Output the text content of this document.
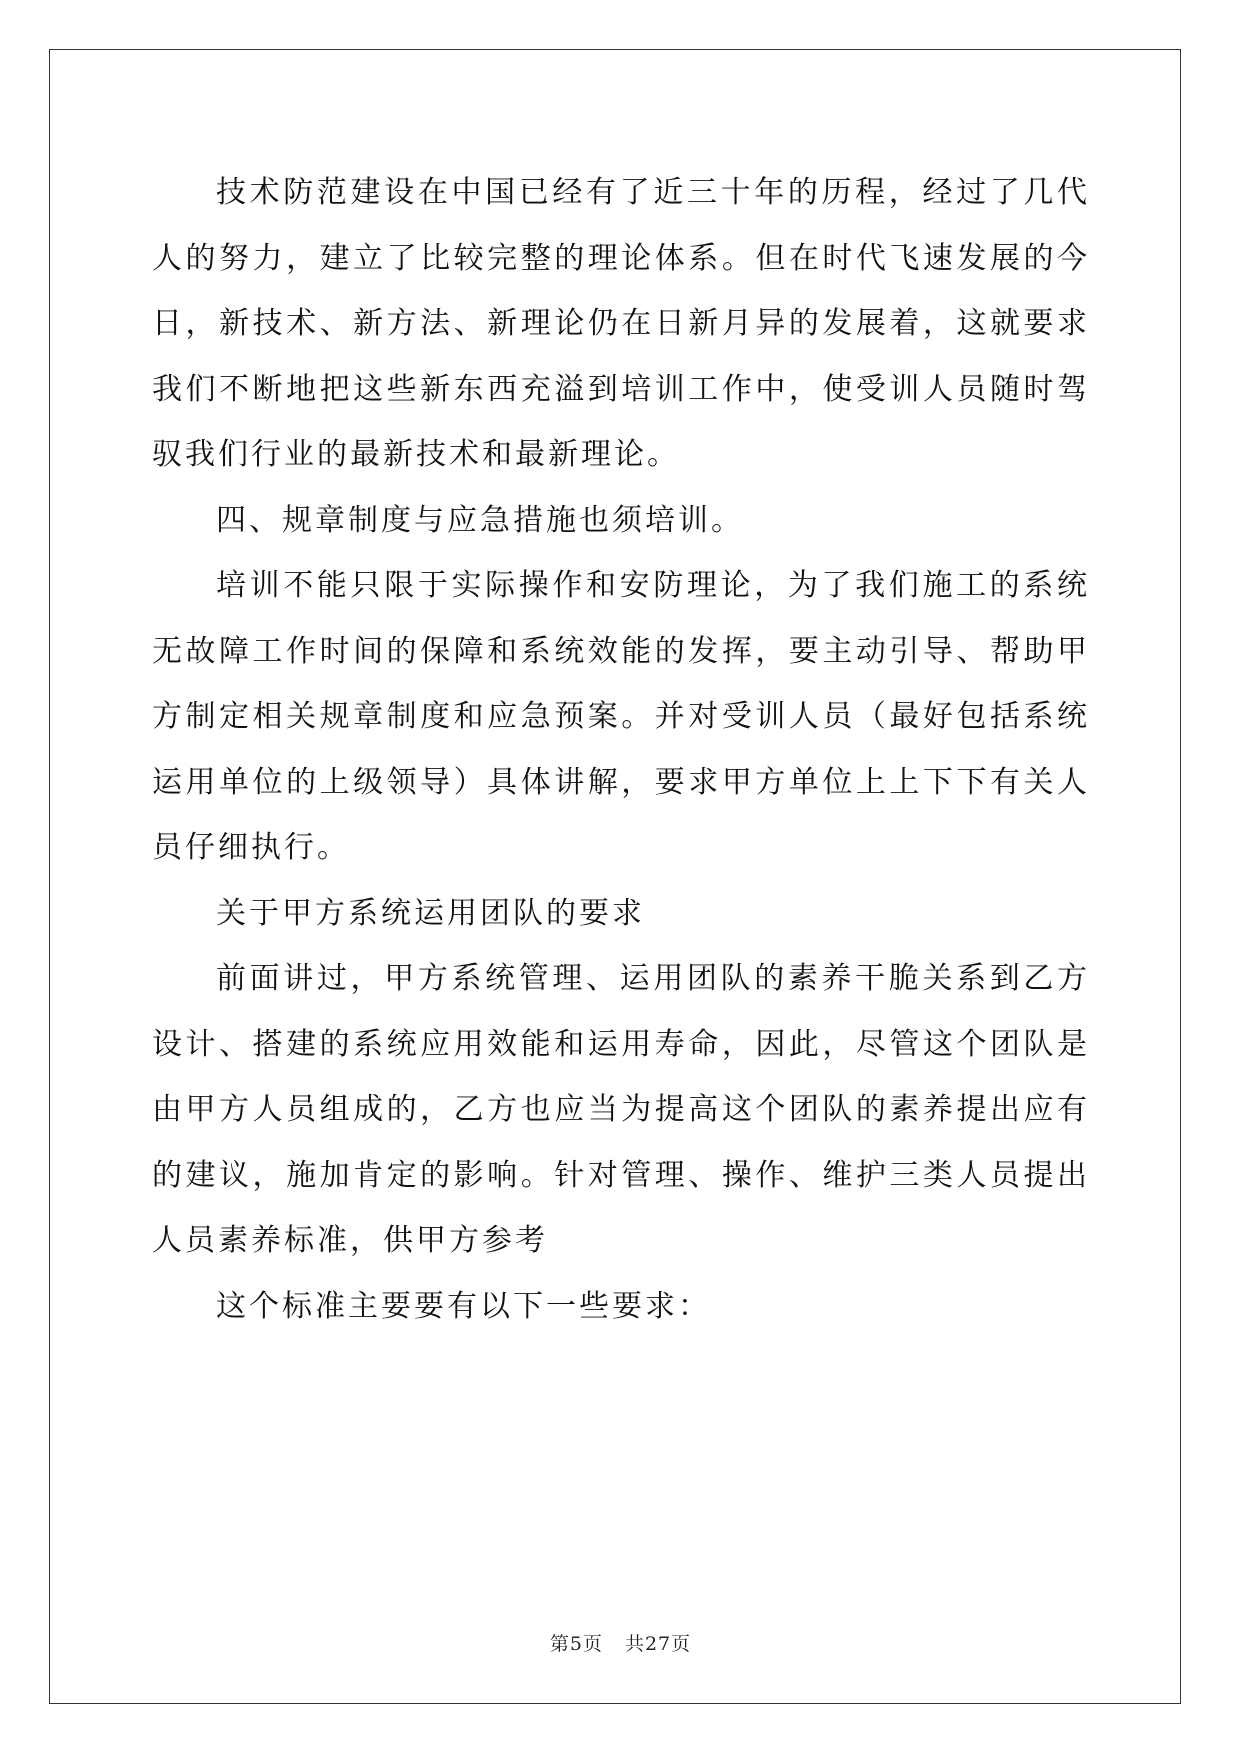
技术防范建设在中国已经有了近三十年的历程，经过了几代人的努力，建立了比较完整的理论体系。但在时代飞速发展的今日，新技术、新方法、新理论仍在日新月异的发展着，这就要求我们不断地把这些新东西充溢到培训工作中，使受训人员随时驾驭我们行业的最新技术和最新理论。

四、规章制度与应急措施也须培训。

培训不能只限于实际操作和安防理论，为了我们施工的系统无故障工作时间的保障和系统效能的发挥，要主动引导、帮助甲方制定相关规章制度和应急预案。并对受训人员（最好包括系统运用单位的上级领导）具体讲解，要求甲方单位上上下下有关人员仔细执行。

关于甲方系统运用团队的要求

前面讲过，甲方系统管理、运用团队的素养干脆关系到乙方设计、搭建的系统应用效能和运用寿命，因此，尽管这个团队是由甲方人员组成的，乙方也应当为提高这个团队的素养提出应有的建议，施加肯定的影响。针对管理、操作、维护三类人员提出人员素养标准，供甲方参考

这个标准主要要有以下一些要求：

第5页 共27页
